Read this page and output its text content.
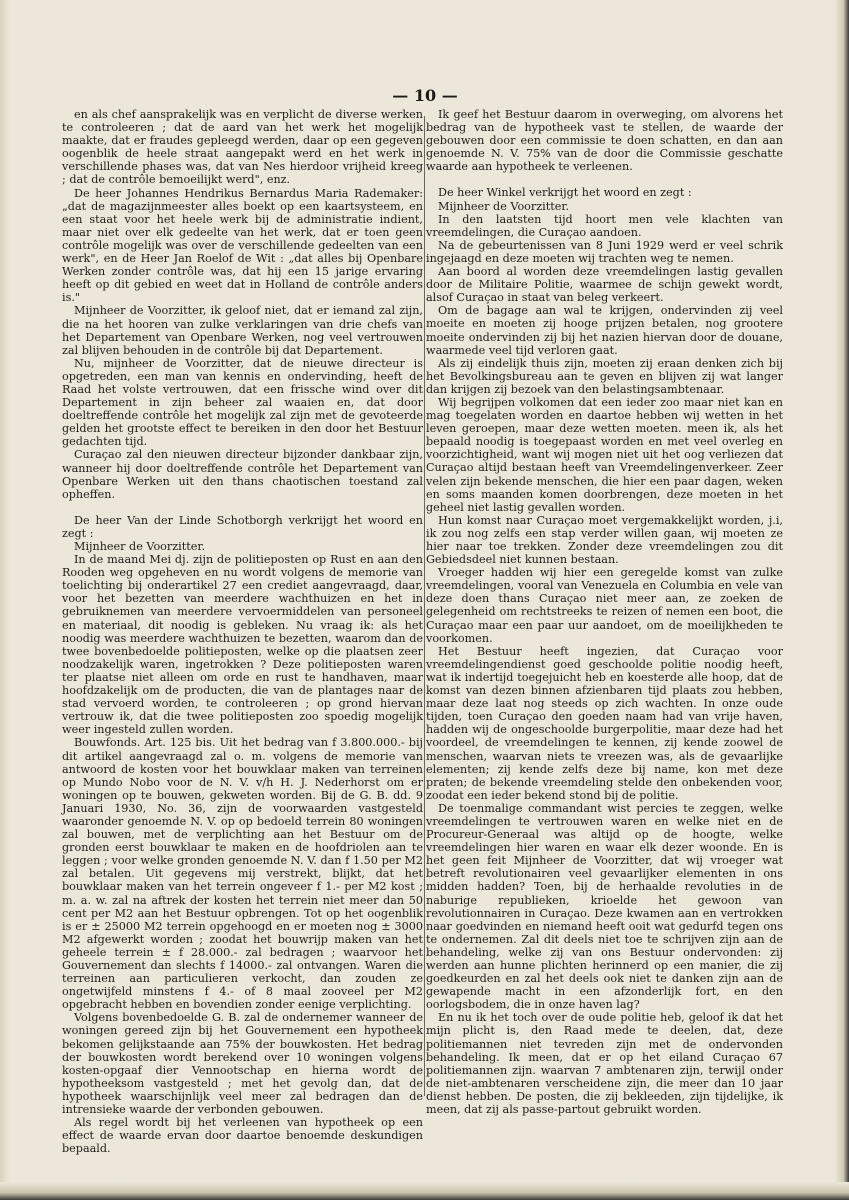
— 10 —

en als chef aansprakelijk was en verplicht de diverse werken te controleeren ; dat de aard van het werk het mogelijk maakte, dat er fraudes gepleegd werden, daar op een gegeven oogenblik de heele straat aangepakt werd en het werk in verschillende phases was, dat van Nes hierdoor vrijheid kreeg ; dat de contrôle bemoeilijkt werd", enz.

De heer Johannes Hendrikus Bernardus Maria Rademaker: „dat de magazijnmeester alles boekt op een kaartsysteem, en een staat voor het heele werk bij de administratie indient, maar niet over elk gedeelte van het werk, dat er toen geen contrôle mogelijk was over de verschillende gedeelten van een werk", en de Heer Jan Roelof de Wit : „dat alles bij Openbare Werken zonder contrôle was, dat hij een 15 jarige ervaring heeft op dit gebied en weet dat in Holland de contrôle anders is."

Mijnheer de Voorzitter, ik geloof niet, dat er iemand zal zijn, die na het hooren van zulke verklaringen van drie chefs van het Departement van Openbare Werken, nog veel vertrouwen zal blijven behouden in de contrôle bij dat Departement.

Nu, mijnheer de Voorzitter, dat de nieuwe directeur is opgetreden, een man van kennis en ondervinding, heeft de Raad het volste vertrouwen, dat een frissche wind over dit Departement in zijn beheer zal waaien en, dat door doeltreffende contrôle het mogelijk zal zijn met de gevoteerde gelden het grootste effect te bereiken in den door het Bestuur gedachten tijd.

Curaçao zal den nieuwen directeur bijzonder dankbaar zijn, wanneer hij door doeltreffende contrôle het Departement van Openbare Werken uit den thans chaotischen toestand zal opheffen.

De heer Van der Linde Schotborgh verkrijgt het woord en zegt :

Mijnheer de Voorzitter.

In de maand Mei dj. zijn de politieposten op Rust en aan den Rooden weg opgeheven en nu wordt volgens de memorie van toelichting bij onderartikel 27 een crediet aangevraagd, daar, voor het bezetten van meerdere wachthuizen en het in gebruiknemen van meerdere vervoermiddelen van personeel en materiaal, dit noodig is gebleken. Nu vraag ik: als het noodig was meerdere wachthuizen te bezetten, waarom dan de twee bovenbedoelde politieposten, welke op die plaatsen zeer noodzakelijk waren, ingetrokken ? Deze politieposten waren ter plaatse niet alleen om orde en rust te handhaven, maar hoofdzakelijk om de producten, die van de plantages naar de stad vervoerd worden, te controleeren ; op grond hiervan vertrouw ik, dat die twee politieposten zoo spoedig mogelijk weer ingesteld zullen worden.

Bouwfonds. Art. 125 bis. Uit het bedrag van f 3.800.000.- bij dit artikel aangevraagd zal o. m. volgens de memorie van antwoord de kosten voor het bouwklaar maken van terreinen op Mundo Nobo voor de N. V. v/h H. J. Nederhorst om er woningen op te bouwen, gekweten worden. Bij de G. B. dd. 9 Januari 1930, No. 36, zijn de voorwaarden vastgesteld waaronder genoemde N. V. op op bedoeld terrein 80 woningen zal bouwen, met de verplichting aan het Bestuur om de gronden eerst bouwklaar te maken en de hoofdriolen aan te leggen ; voor welke gronden genoemde N. V. dan f 1.50 per M2 zal betalen. Uit gegevens mij verstrekt, blijkt, dat het bouwklaar maken van het terrein ongeveer f 1.- per M2 kost ; m. a. w. zal na aftrek der kosten het terrein niet meer dan 50 cent per M2 aan het Bestuur opbrengen. Tot op het oogenblik is er ± 25000 M2 terrein opgehoogd en er moeten nog ± 3000 M2 afgewerkt worden ; zoodat het bouwrijp maken van het geheele terrein ± f 28.000.- zal bedragen ; waarvoor het Gouvernement dan slechts f 14000.- zal ontvangen. Waren die terreinen aan particulieren verkocht, dan zouden ze ongetwijfeld minstens f 4.- of 8 maal zooveel per M2 opgebracht hebben en bovendien zonder eenige verplichting.

Volgens bovenbedoelde G. B. zal de ondernemer wanneer de woningen gereed zijn bij het Gouvernement een hypotheek bekomen gelijkstaande aan 75% der bouwkosten. Het bedrag der bouwkosten wordt berekend over 10 woningen volgens kosten-opgaaf dier Vennootschap en hierna wordt de hypotheeksom vastgesteld ; met het gevolg dan, dat de hypotheek waarschijnlijk veel meer zal bedragen dan de intrensieke waarde der verbonden gebouwen.

Als regel wordt bij het verleenen van hypotheek op een effect de waarde ervan door daartoe benoemde deskundigen bepaald.

Ik geef het Bestuur daarom in overweging, om alvorens het bedrag van de hypotheek vast te stellen, de waarde der gebouwen door een commissie te doen schatten, en dan aan genoemde N. V. 75% van de door die Commissie geschatte waarde aan hypotheek te verleenen.

De heer Winkel verkrijgt het woord en zegt :

Mijnheer de Voorzitter.

In den laatsten tijd hoort men vele klachten van vreemdelingen, die Curaçao aandoen.

Na de gebeurtenissen van 8 Juni 1929 werd er veel schrik ingejaagd en deze moeten wij trachten weg te nemen.

Aan boord al worden deze vreemdelingen lastig gevallen door de Militaire Politie, waarmee de schijn gewekt wordt, alsof Curaçao in staat van beleg verkeert.

Om de bagage aan wal te krijgen, ondervinden zij veel moeite en moeten zij hooge prijzen betalen, nog grootere moeite ondervinden zij bij het nazien hiervan door de douane, waarmede veel tijd verloren gaat.

Als zij eindelijk thuis zijn, moeten zij eraan denken zich bij het Bevolkingsbureau aan te geven en blijven zij wat langer dan krijgen zij bezoek van den belastingsambtenaar.

Wij begrijpen volkomen dat een ieder zoo maar niet kan en mag toegelaten worden en daartoe hebben wij wetten in het leven geroepen, maar deze wetten moeten. meen ik, als het bepaald noodig is toegepaast worden en met veel overleg en voorzichtigheid, want wij mogen niet uit het oog verliezen dat Curaçao altijd bestaan heeft van Vreemdelingenverkeer. Zeer velen zijn bekende menschen, die hier een paar dagen, weken en soms maanden komen doorbrengen, deze moeten in het geheel niet lastig gevallen worden.

Hun komst naar Curaçao moet vergemakkelijkt worden, j.i, ik zou nog zelfs een stap verder willen gaan, wij moeten ze hier naar toe trekken. Zonder deze vreemdelingen zou dit Gebiedsdeel niet kunnen bestaan.

Vroeger hadden wij hier een geregelde komst van zulke vreemdelingen, vooral van Venezuela en Columbia en vele van deze doen thans Curaçao niet meer aan, ze zoeken de gelegenheid om rechtstreeks te reizen of nemen een boot, die Curaçao maar een paar uur aandoet, om de moeilijkheden te voorkomen.

Het Bestuur heeft ingezien, dat Curaçao voor vreemdelingendienst goed geschoolde politie noodig heeft, wat ik indertijd toegejuicht heb en koesterde alle hoop, dat de komst van dezen binnen afzienbaren tijd plaats zou hebben, maar deze laat nog steeds op zich wachten. In onze oude tijden, toen Curaçao den goeden naam had van vrije haven, hadden wij de ongeschoolde burgerpolitie, maar deze had het voordeel, de vreemdelingen te kennen, zij kende zoowel de menschen, waarvan niets te vreezen was, als de gevaarlijke elementen; zij kende zelfs deze bij name, kon met deze praten; de bekende vreemdeling stelde den onbekenden voor, zoodat een ieder bekend stond bij de politie.

De toenmalige commandant wist percies te zeggen, welke vreemdelingen te vertrouwen waren en welke niet en de Procureur-Generaal was altijd op de hoogte, welke vreemdelingen hier waren en waar elk dezer woonde. En is het geen feit Mijnheer de Voorzitter, dat wij vroeger wat betreft revolutionairen veel gevaarlijker elementen in ons midden hadden? Toen, bij de herhaalde revoluties in de naburige republieken, krioelde het gewoon van revolutionnairen in Curaçao. Deze kwamen aan en vertrokken naar goedvinden en niemand heeft ooit wat gedurfd tegen ons te ondernemen. Zal dit deels niet toe te schrijven zijn aan de behandeling, welke zij van ons Bestuur ondervonden: zij werden aan hunne plichten herinnerd op een manier, die zij goedkeurden en zal het deels ook niet te danken zijn aan de gewapende macht in een afzonderlijk fort, en den oorlogsbodem, die in onze haven lag?

En nu ik het toch over de oude politie heb, geloof ik dat het mijn plicht is, den Raad mede te deelen, dat, deze politiemannen niet tevreden zijn met de ondervonden behandeling. Ik meen, dat er op het eiland Curaçao 67 politiemannen zijn. waarvan 7 ambtenaren zijn, terwijl onder de niet-ambtenaren verscheidene zijn, die meer dan 10 jaar dienst hebben. De posten, die zij bekleeden, zijn tijdelijke, ik meen, dat zij als passe-partout gebruikt worden.
